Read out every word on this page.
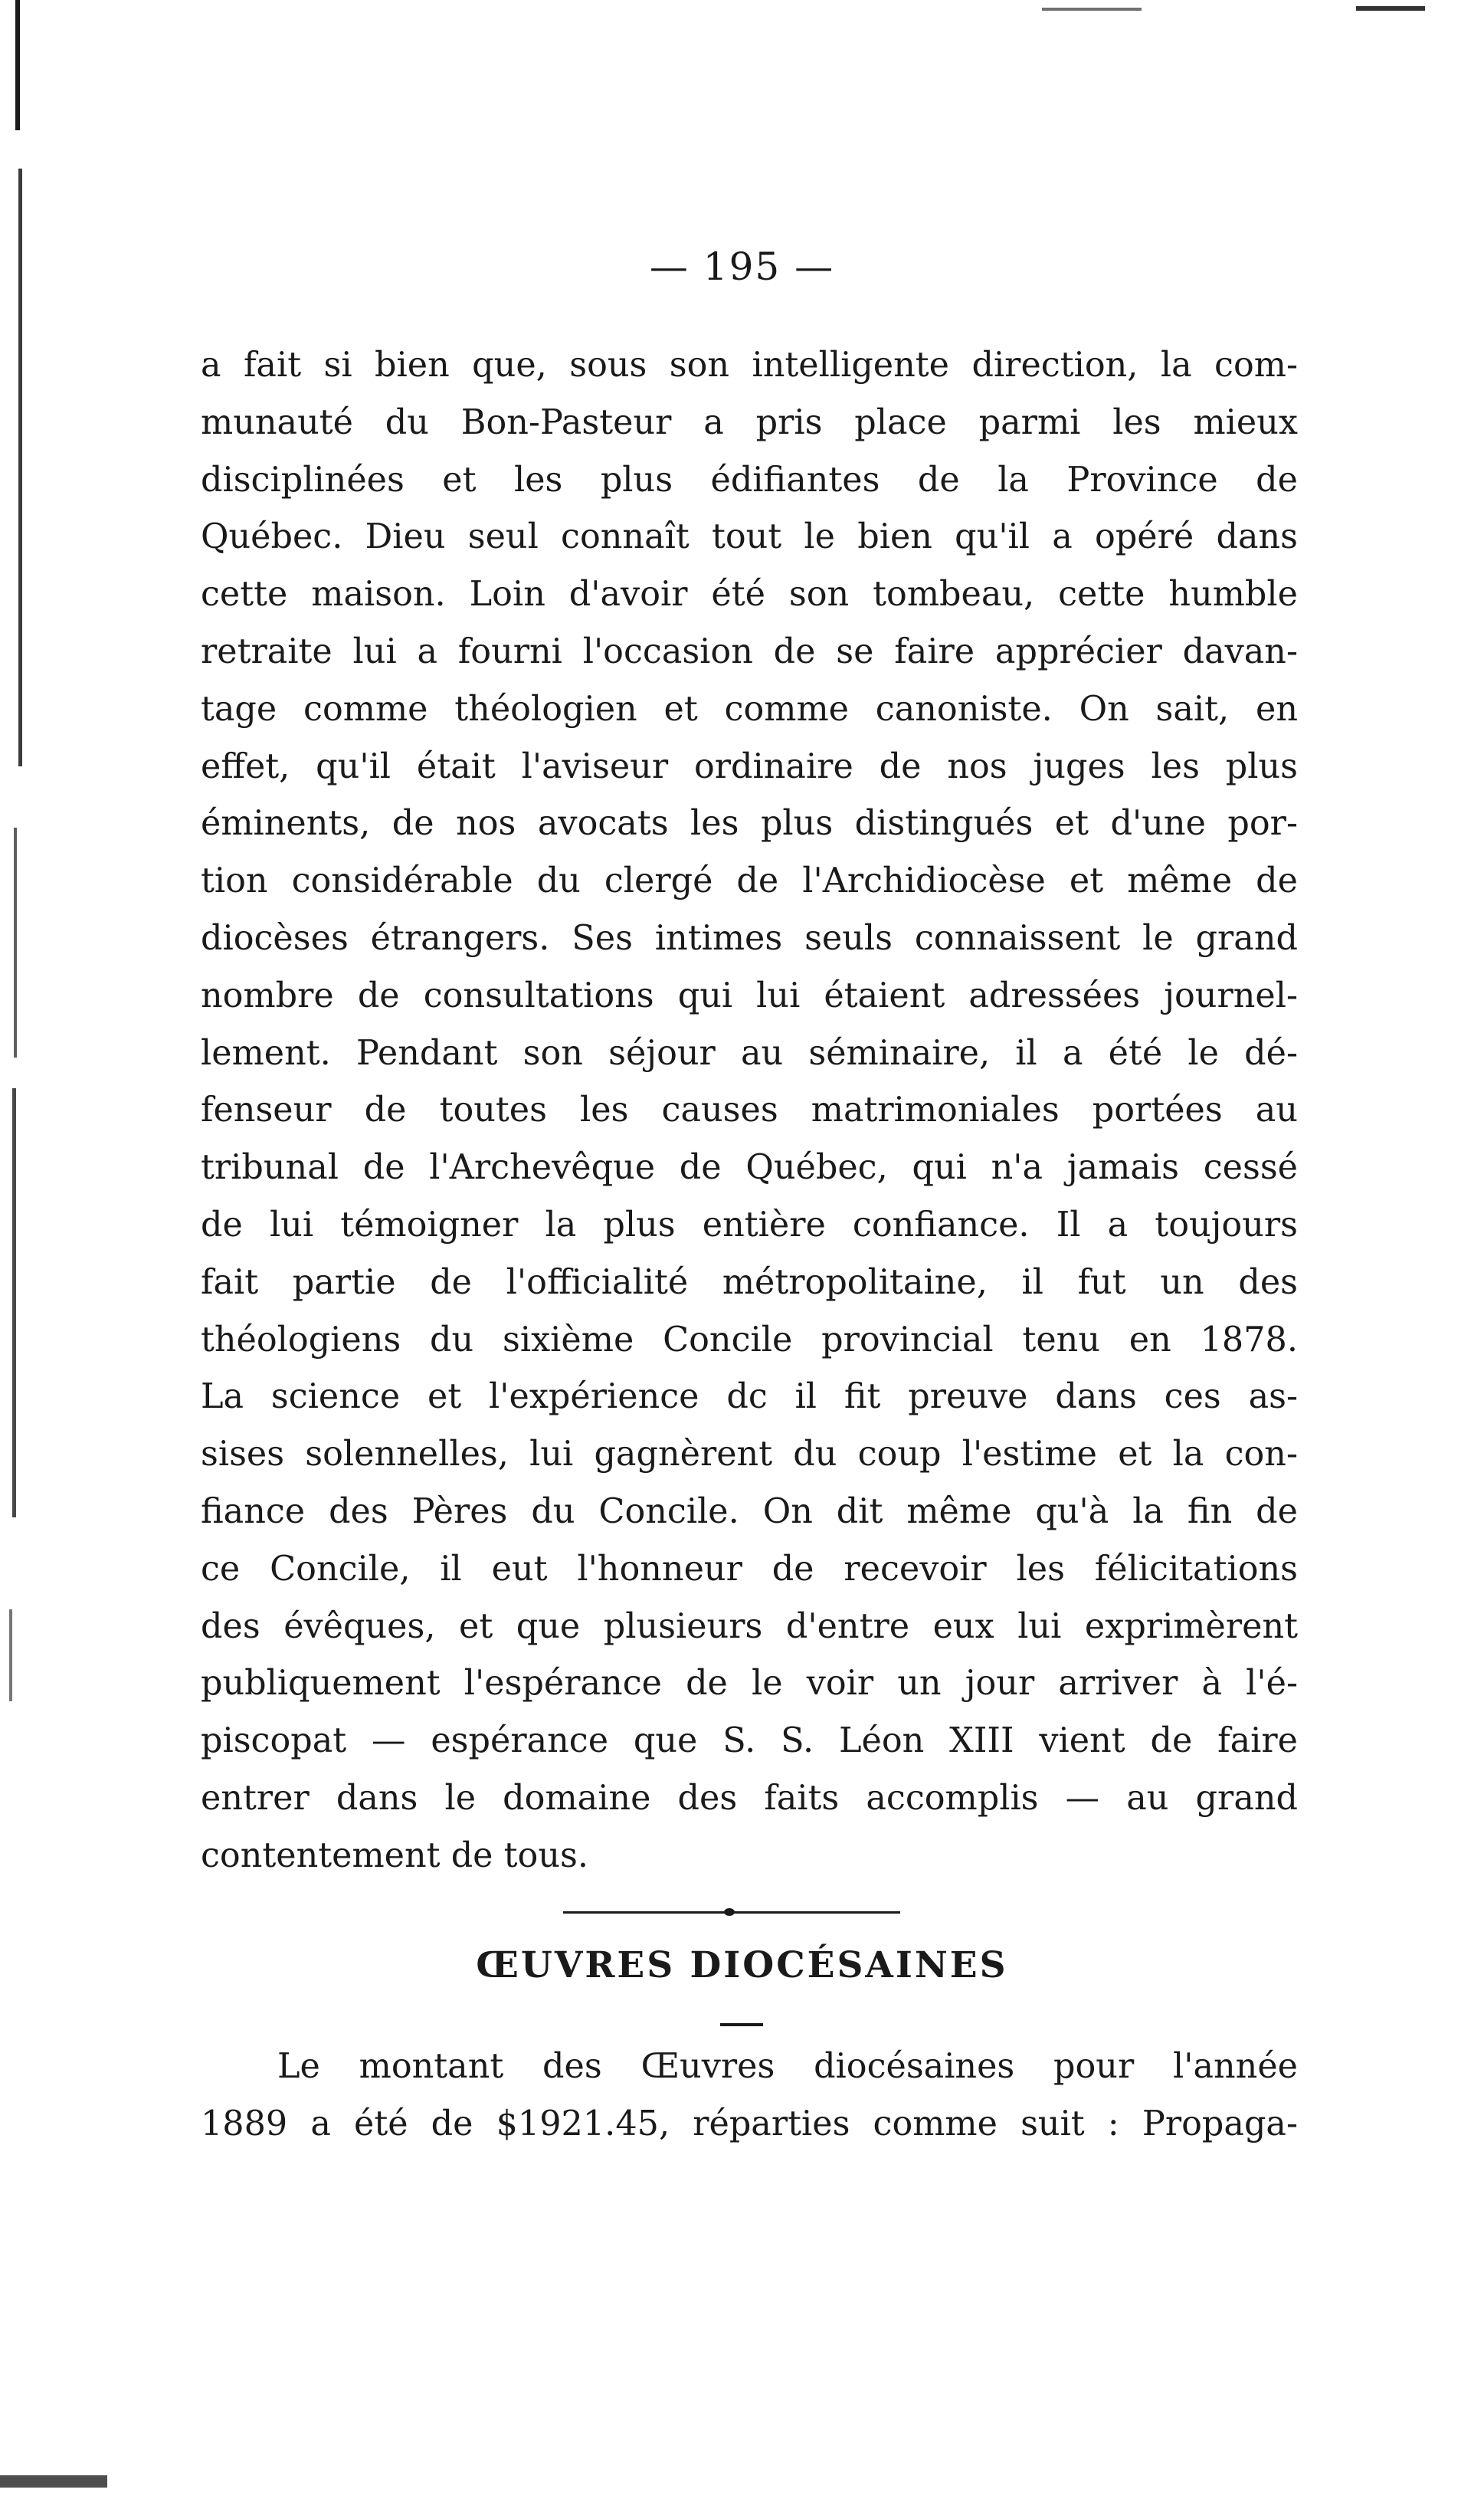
— 195 —
a fait si bien que, sous son intelligente direction, la com-
munauté du Bon-Pasteur a pris place parmi les mieux
disciplinées et les plus édifiantes de la Province de
Québec. Dieu seul connaît tout le bien qu'il a opéré dans
cette maison. Loin d'avoir été son tombeau, cette humble
retraite lui a fourni l'occasion de se faire apprécier davan-
tage comme théologien et comme canoniste. On sait, en
effet, qu'il était l'aviseur ordinaire de nos juges les plus
éminents, de nos avocats les plus distingués et d'une por-
tion considérable du clergé de l'Archidiocèse et même de
diocèses étrangers. Ses intimes seuls connaissent le grand
nombre de consultations qui lui étaient adressées journel-
lement. Pendant son séjour au séminaire, il a été le dé-
fenseur de toutes les causes matrimoniales portées au
tribunal de l'Archevêque de Québec, qui n'a jamais cessé
de lui témoigner la plus entière confiance. Il a toujours
fait partie de l'officialité métropolitaine, il fut un des
théologiens du sixième Concile provincial tenu en 1878.
La science et l'expérience dc il fit preuve dans ces as-
sises solennelles, lui gagnèrent du coup l'estime et la con-
fiance des Pères du Concile. On dit même qu'à la fin de
ce Concile, il eut l'honneur de recevoir les félicitations
des évêques, et que plusieurs d'entre eux lui exprimèrent
publiquement l'espérance de le voir un jour arriver à l'é-
piscopat — espérance que S. S. Léon XIII vient de faire
entrer dans le domaine des faits accomplis — au grand
contentement de tous.
ŒUVRES DIOCÉSAINES
Le montant des Œuvres diocésaines pour l'année
1889 a été de $1921.45, réparties comme suit : Propaga-
